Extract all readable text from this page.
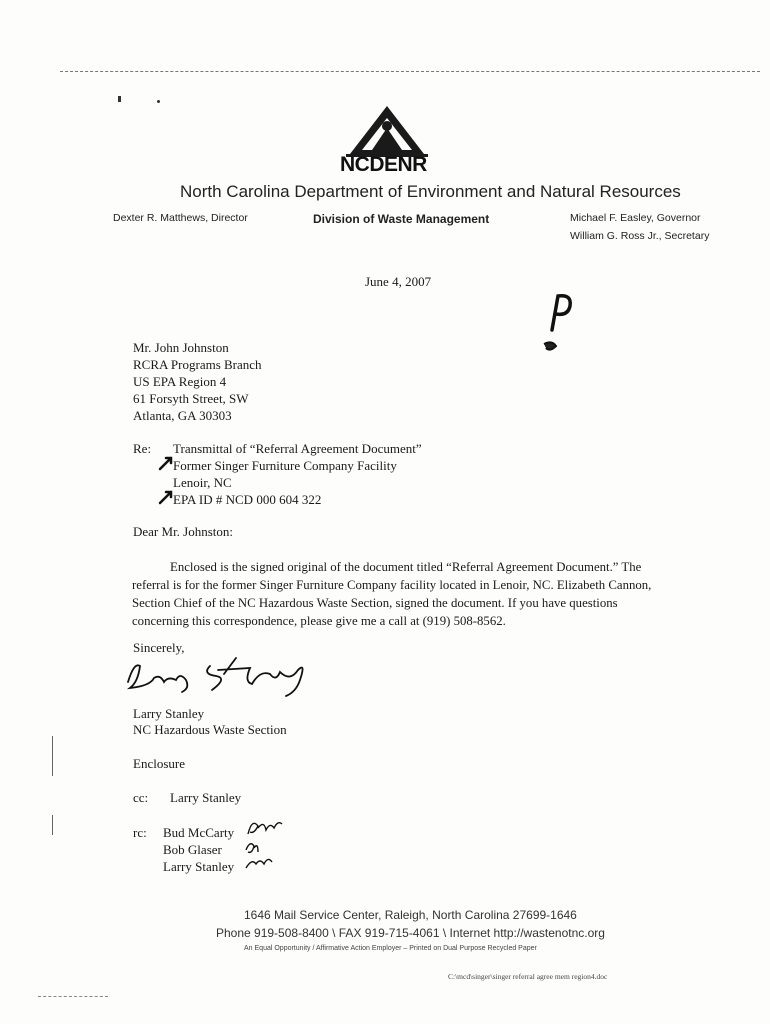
NCDENR
North Carolina Department of Environment and Natural Resources
Dexter R. Matthews, Director	Division of Waste Management	Michael F. Easley, Governor
William G. Ross Jr., Secretary
June 4, 2007
Mr. John Johnston
RCRA Programs Branch
US EPA Region 4
61 Forsyth Street, SW
Atlanta, GA 30303
Re: Transmittal of “Referral Agreement Document”
Former Singer Furniture Company Facility
Lenoir, NC
EPA ID # NCD 000 604 322
Dear Mr. Johnston:
Enclosed is the signed original of the document titled “Referral Agreement Document.” The referral is for the former Singer Furniture Company facility located in Lenoir, NC. Elizabeth Cannon, Section Chief of the NC Hazardous Waste Section, signed the document. If you have questions concerning this correspondence, please give me a call at (919) 508-8562.
Sincerely,
Larry Stanley
NC Hazardous Waste Section
Enclosure
cc: Larry Stanley
rc: Bud McCarty
Bob Glaser
Larry Stanley
1646 Mail Service Center, Raleigh, North Carolina 27699-1646
Phone 919-508-8400 \ FAX 919-715-4061 \ Internet http://wastenotnc.org
An Equal Opportunity / Affirmative Action Employer – Printed on Dual Purpose Recycled Paper
C:\mcd\singer\singer referral agree mem region4.doc
